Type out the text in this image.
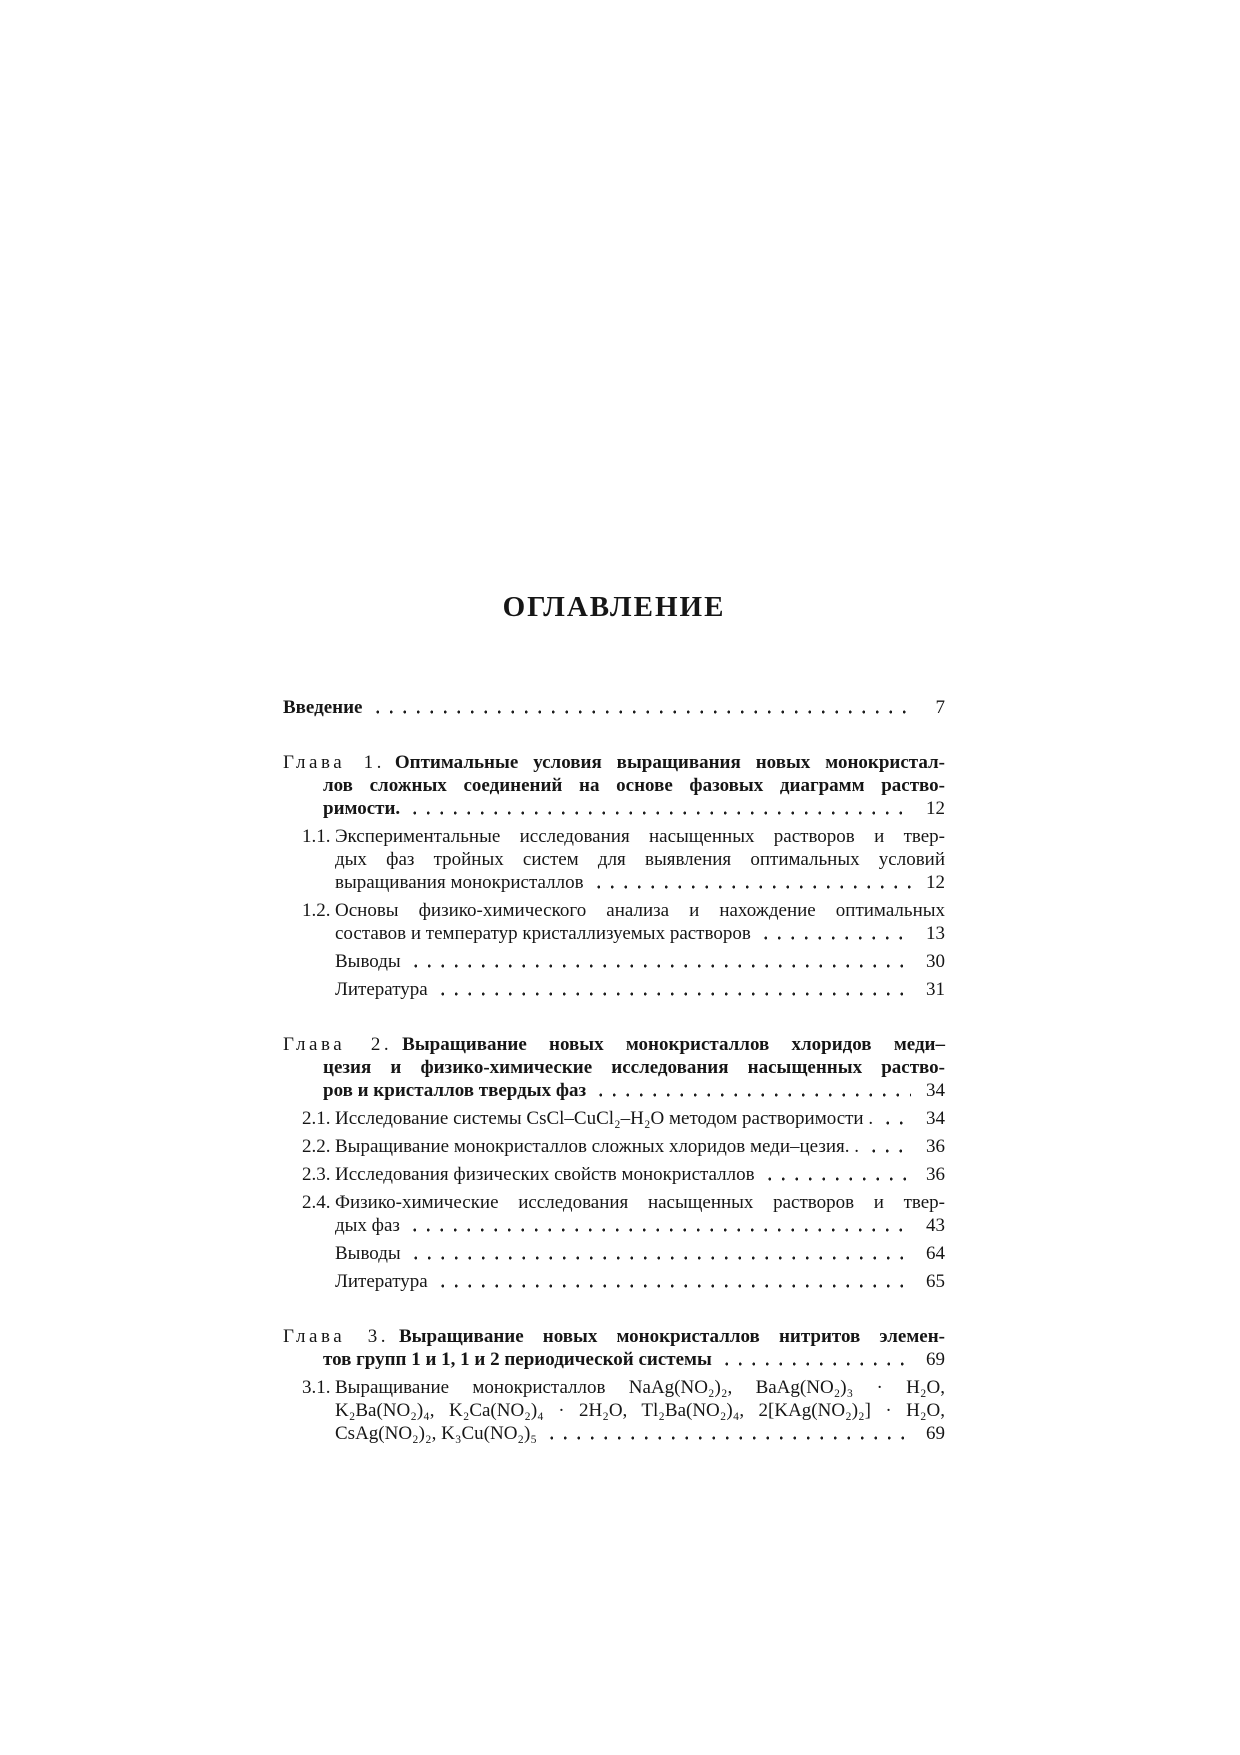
ОГЛАВЛЕНИЕ
Введение	7
Глава 1. Оптимальные условия выращивания новых монокристал-
лов сложных соединений на основе фазовых диаграмм раство-
римости.	12
1.1. Экспериментальные исследования насыщенных растворов и твер-
дых фаз тройных систем для выявления оптимальных условий
выращивания монокристаллов	12
1.2. Основы физико-химического анализа и нахождение оптимальных
составов и температур кристаллизуемых растворов	13
Выводы	30
Литература	31
Глава 2. Выращивание новых монокристаллов хлоридов меди–
цезия и физико-химические исследования насыщенных раство-
ров и кристаллов твердых фаз	34
2.1. Исследование системы CsCl–CuCl₂–H₂O методом растворимости .	34
2.2. Выращивание монокристаллов сложных хлоридов меди–цезия. .	36
2.3. Исследования физических свойств монокристаллов	36
2.4. Физико-химические исследования насыщенных растворов и твер-
дых фаз	43
Выводы	64
Литература	65
Глава 3. Выращивание новых монокристаллов нитритов элемен-
тов групп 1 и 1, 1 и 2 периодической системы	69
3.1. Выращивание монокристаллов NaAg(NO₂)₂, BaAg(NO₂)₃ · H₂O,
K₂Ba(NO₂)₄, K₂Ca(NO₂)₄ · 2H₂O, Tl₂Ba(NO₂)₄, 2[KAg(NO₂)₂] · H₂O,
CsAg(NO₂)₂, K₃Cu(NO₂)₅	69
